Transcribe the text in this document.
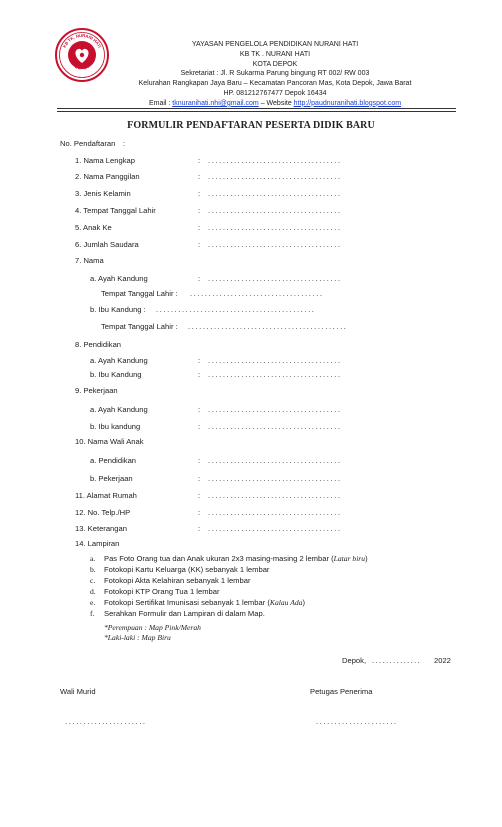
KB TK. NURANI HATI
DEPOK
YAYASAN PENGELOLA PENDIDIKAN NURANI HATI
KB TK . NURANI HATI
KOTA DEPOK
Sekretariat : Jl. R Sukarma Parung bingung RT 002/ RW 003
Kelurahan Rangkapan Jaya Baru – Kecamatan Pancoran Mas, Kota Depok, Jawa Barat
HP. 081212767477 Depok 16434
Email : tknuranihati.nhi@gmail.com – Website http://paudnuranihati.blogspot.com
FORMULIR PENDAFTARAN PESERTA DIDIK BARU
No. Pendaftaran :
1. Nama Lengkap	: ....................................
2. Nama Panggilan	: ....................................
3. Jenis Kelamin	: ....................................
4. Tempat Tanggal Lahir	: ....................................
5. Anak Ke	: ....................................
6. Jumlah Saudara	: ....................................
7. Nama
a. Ayah Kandung	: ....................................
Tempat Tanggal Lahir : ....................................
b. Ibu Kandung : ...........................................
Tempat Tanggal Lahir : ...........................................
8. Pendidikan
a. Ayah Kandung	: ....................................
b. Ibu Kandung	: ....................................
9. Pekerjaan
a. Ayah Kandung	: ....................................
b. Ibu kandung	: ....................................
10. Nama Wali Anak
a. Pendidikan	: ....................................
b. Pekerjaan	: ....................................
11. Alamat Rumah	: ....................................
12. No. Telp./HP	: ....................................
13. Keterangan	: ....................................
14. Lampiran
a. Pas Foto Orang tua dan Anak ukuran 2x3 masing-masing 2 lembar (Latar biru)
b. Fotokopi Kartu Keluarga (KK) sebanyak 1 lembar
c. Fotokopi Akta Kelahiran sebanyak 1 lembar
d. Fotokopi KTP Orang Tua 1 lembar
e. Fotokopi Sertifikat Imunisasi sebanyak 1 lembar (Kalau Ada)
f. Serahkan Formulir dan Lampiran di dalam Map.
*Perempuan : Map Pink/Merah
*Laki-laki : Map Biru
Depok, .............. 2022
Wali Murid	Petugas Penerima
......................	......................
